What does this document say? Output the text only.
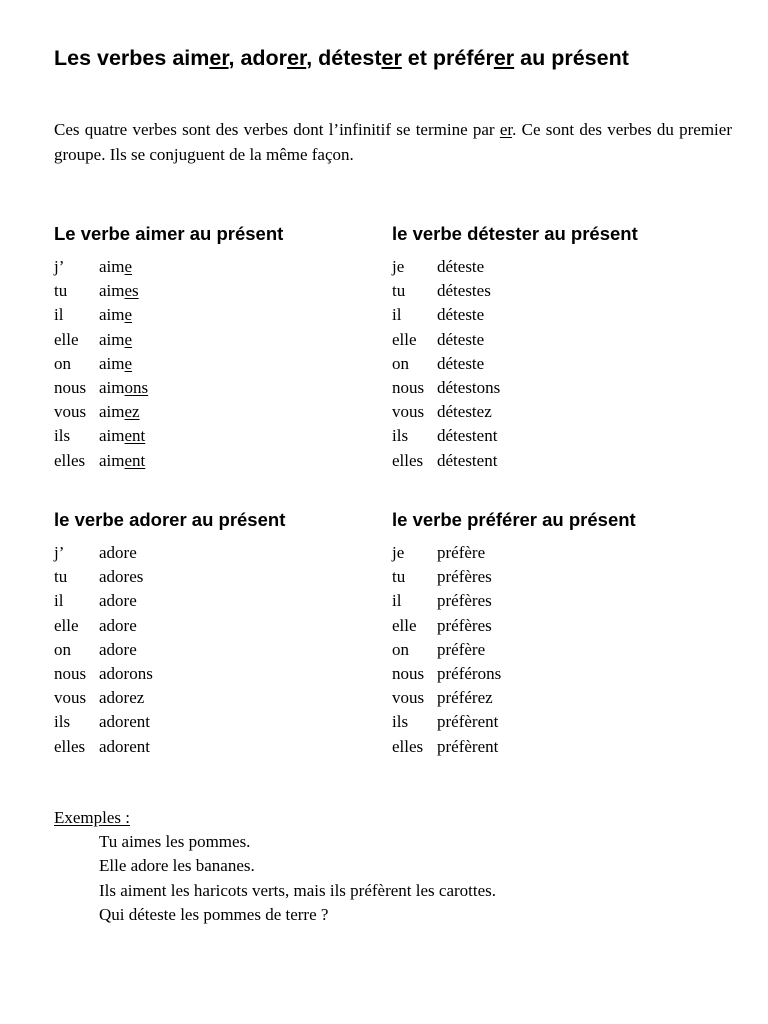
Les verbes aimer, adorer, détester et préférer au présent

Ces quatre verbes sont des verbes dont l’infinitif se termine par er. Ce sont des verbes du premier groupe. Ils se conjuguent de la même façon.

Le verbe aimer au présent
j’	aime
tu	aimes
il	aime
elle	aime
on	aime
nous	aimons
vous	aimez
ils	aiment
elles	aiment
le verbe détester au présent
je	déteste
tu	détestes
il	déteste
elle	déteste
on	déteste
nous	détestons
vous	détestez
ils	détestent
elles	détestent
le verbe adorer au présent
j’	adore
tu	adores
il	adore
elle	adore
on	adore
nous	adorons
vous	adorez
ils	adorent
elles	adorent
le verbe préférer au présent
je	préfère
tu	préfères
il	préfères
elle	préfères
on	préfère
nous	préférons
vous	préférez
ils	préfèrent
elles	préfèrent
Exemples :
Tu aimes les pommes.
Elle adore les bananes.
Ils aiment les haricots verts, mais ils préfèrent les carottes.
Qui déteste les pommes de terre ?
